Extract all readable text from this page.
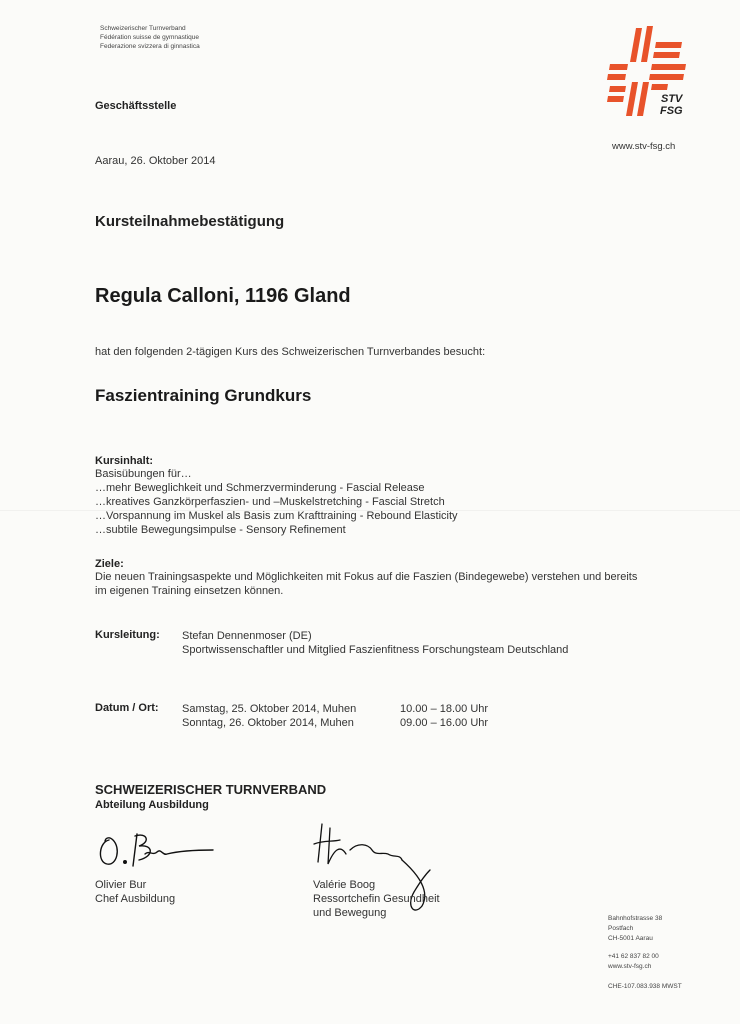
Schweizerischer Turnverband
Fédération suisse de gymnastique
Federazione svizzera di ginnastica
STV
FSG
www.stv-fsg.ch
Geschäftsstelle
Aarau, 26. Oktober 2014
Kursteilnahmebestätigung
Regula Calloni, 1196 Gland
hat den folgenden 2-tägigen Kurs des Schweizerischen Turnverbandes besucht:
Faszientraining Grundkurs
Kursinhalt:
Basisübungen für…
…mehr Beweglichkeit und Schmerzverminderung - Fascial Release
…kreatives Ganzkörperfaszien- und –Muskelstretching - Fascial Stretch
…Vorspannung im Muskel als Basis zum Krafttraining - Rebound Elasticity
…subtile Bewegungsimpulse - Sensory Refinement
Ziele:
Die neuen Trainingsaspekte und Möglichkeiten mit Fokus auf die Faszien (Bindegewebe) verstehen und bereits
im eigenen Training einsetzen können.
Kursleitung: Stefan Dennenmoser (DE)
Sportwissenschaftler und Mitglied Faszienfitness Forschungsteam Deutschland
Datum / Ort: Samstag, 25. Oktober 2014, Muhen
Sonntag, 26. Oktober 2014, Muhen
10.00 – 18.00 Uhr
09.00 – 16.00 Uhr
SCHWEIZERISCHER TURNVERBAND
Abteilung Ausbildung
Olivier Bur
Chef Ausbildung
Valérie Boog
Ressortchefin Gesundheit
und Bewegung	Bahnhofstrasse 38
Postfach
CH-5001 Aarau
+41 62 837 82 00
www.stv-fsg.ch
CHE-107.083.938 MWST
